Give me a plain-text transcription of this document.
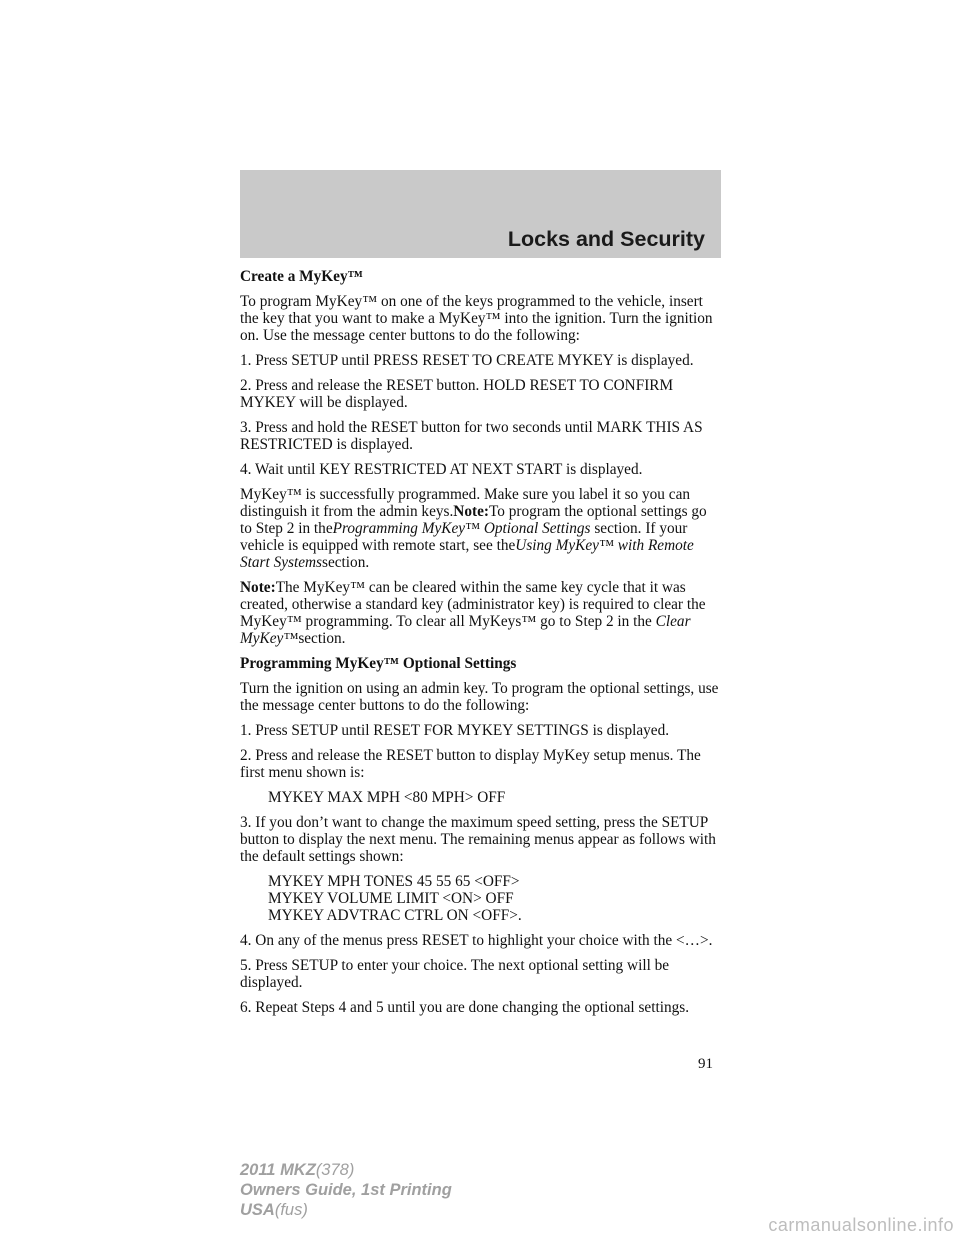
Locks and Security
Create a MyKey™

To program MyKey™ on one of the keys programmed to the vehicle, insert the key that you want to make a MyKey™ into the ignition. Turn the ignition on. Use the message center buttons to do the following:

1. Press SETUP until PRESS RESET TO CREATE MYKEY is displayed.

2. Press and release the RESET button. HOLD RESET TO CONFIRM MYKEY will be displayed.

3. Press and hold the RESET button for two seconds until MARK THIS AS RESTRICTED is displayed.

4. Wait until KEY RESTRICTED AT NEXT START is displayed.

MyKey™ is successfully programmed. Make sure you label it so you can distinguish it from the admin keys.Note:To program the optional settings go to Step 2 in theProgramming MyKey™ Optional Settings section. If your vehicle is equipped with remote start, see theUsing MyKey™ with Remote Start Systemssection.

Note:The MyKey™ can be cleared within the same key cycle that it was created, otherwise a standard key (administrator key) is required to clear the MyKey™ programming. To clear all MyKeys™ go to Step 2 in the Clear MyKey™section.

Programming MyKey™ Optional Settings

Turn the ignition on using an admin key. To program the optional settings, use the message center buttons to do the following:

1. Press SETUP until RESET FOR MYKEY SETTINGS is displayed.

2. Press and release the RESET button to display MyKey setup menus. The first menu shown is:

MYKEY MAX MPH <80 MPH> OFF

3. If you don’t want to change the maximum speed setting, press the SETUP button to display the next menu. The remaining menus appear as follows with the default settings shown:

MYKEY MPH TONES 45 55 65 <OFF>
MYKEY VOLUME LIMIT <ON> OFF
MYKEY ADVTRAC CTRL ON <OFF>.

4. On any of the menus press RESET to highlight your choice with the <…>.

5. Press SETUP to enter your choice. The next optional setting will be displayed.

6. Repeat Steps 4 and 5 until you are done changing the optional settings.

91
2011 MKZ(378)
Owners Guide, 1st Printing
USA(fus)
carmanualsonline.info
